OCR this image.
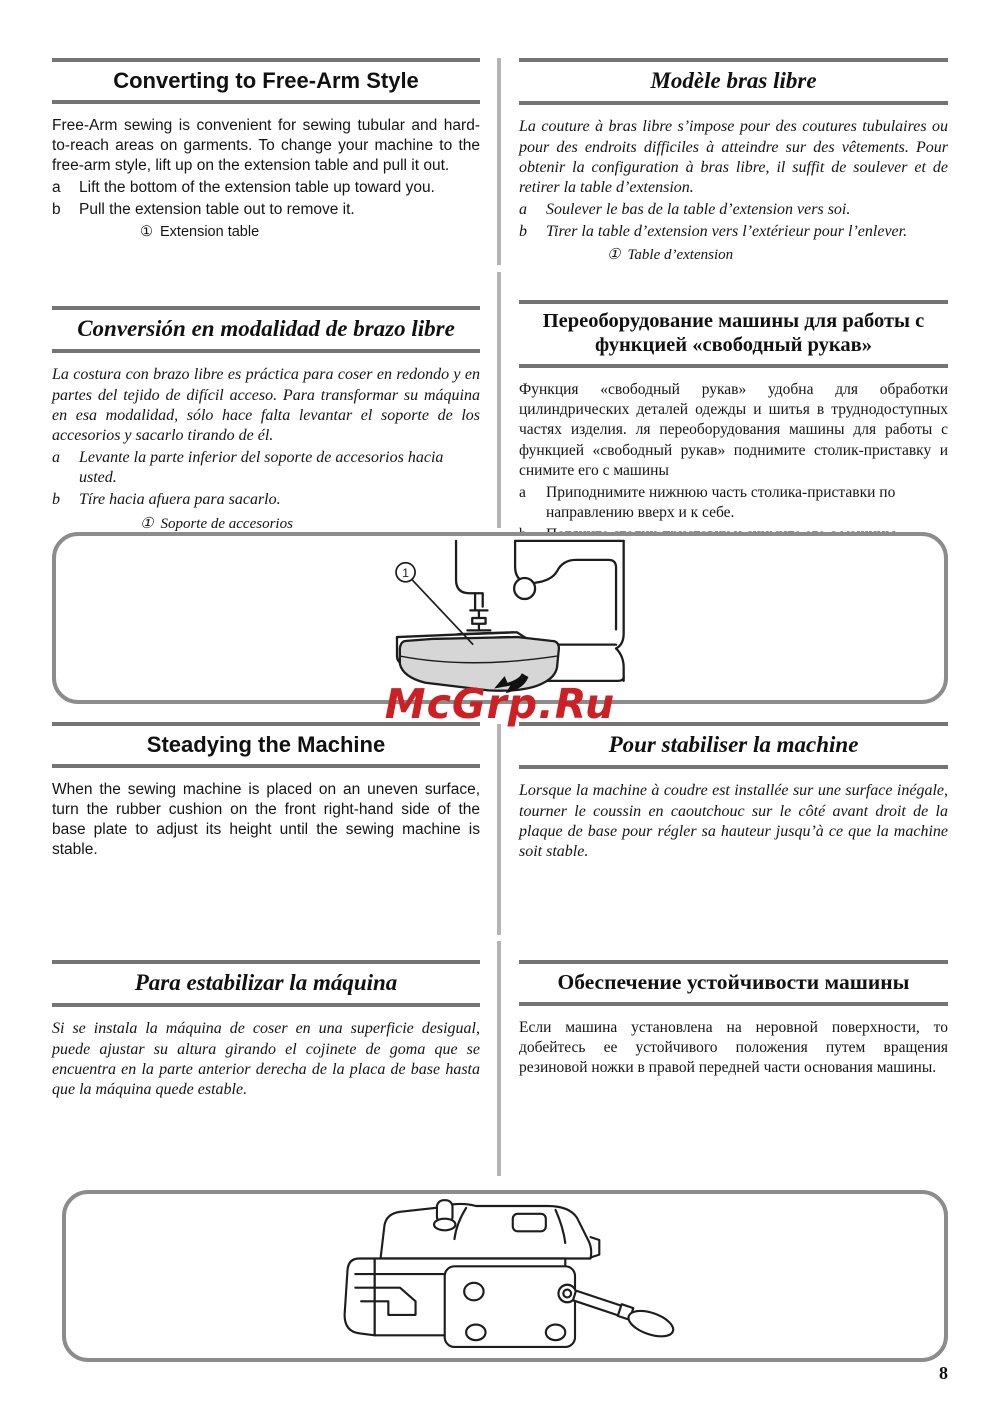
Converting to Free-Arm Style

Free-Arm sewing is convenient for sewing tubular and hard-to-reach areas on garments. To change your machine to the free-arm style, lift up on the extension table and pull it out.

a	Lift the bottom of the extension table up toward you.
b	Pull the extension table out to remove it.
① Extension table
Modèle bras libre

La couture à bras libre s’impose pour des coutures tubulaires ou pour des endroits difficiles à atteindre sur des vêtements. Pour obtenir la configuration à bras libre, il suffit de soulever et de retirer la table d’extension.

a	Soulever le bas de la table d’extension vers soi.
b	Tirer la table d’extension vers l’extérieur pour l’enlever.
① Table d’extension
Conversión en modalidad de brazo libre

La costura con brazo libre es práctica para coser en redondo y en partes del tejido de difícil acceso. Para transformar su máquina en esa modalidad, sólo hace falta levantar el soporte de los accesorios y sacarlo tirando de él.

a	Levante la parte inferior del soporte de accesorios hacia usted.
b	Tíre hacia afuera para sacarlo.
① Soporte de accesorios
Переоборудование машины для работы с функцией «свободный рукав»

Функция «свободный рукав» удобна для обработки цилиндрических деталей одежды и шитья в труднодоступных частях изделия. ля переоборудования машины для работы с функцией «свободный рукав» поднимите столик-приставку и снимите его с машины

a	Приподнимите нижнюю часть столика-приставки по направлению вверх и к себе.
1
McGrp.Ru
Steadying the Machine

When the sewing machine is placed on an uneven surface, turn the rubber cushion on the front right-hand side of the base plate to adjust its height until the sewing machine is stable.

Pour stabiliser la machine

Lorsque la machine à coudre est installée sur une surface inégale, tourner le coussin en caoutchouc sur le côté avant droit de la plaque de base pour régler sa hauteur jusqu’à ce que la machine soit stable.

Para estabilizar la máquina

Si se instala la máquina de coser en una superficie desigual, puede ajustar su altura girando el cojinete de goma que se encuentra en la parte anterior derecha de la placa de base hasta que la máquina quede estable.

Обеспечение устойчивости машины

Если машина установлена на неровной поверхности, то добейтесь ее устойчивого положения путем вращения резиновой ножки в правой передней части основания машины.

8
